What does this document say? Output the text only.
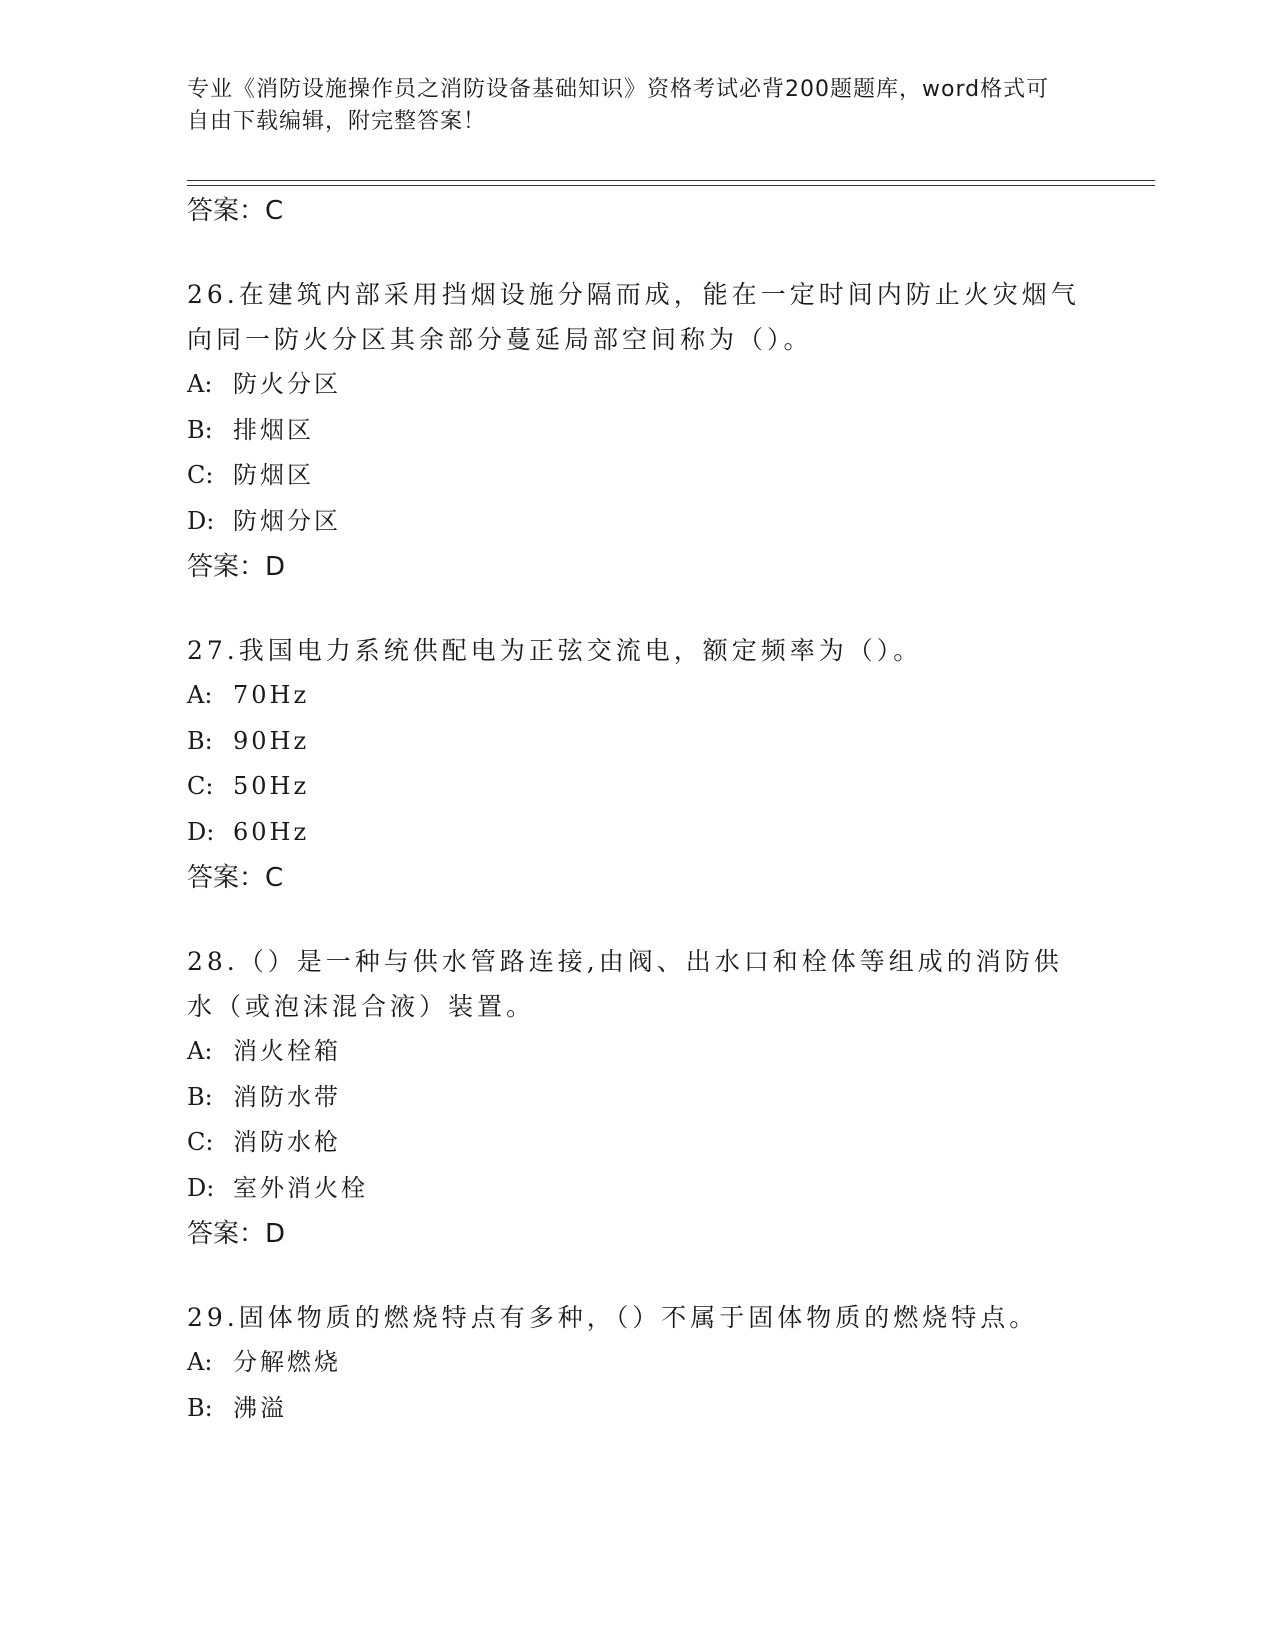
专业《消防设施操作员之消防设备基础知识》资格考试必背200题题库，word格式可自由下载编辑，附完整答案！

答案：C

26.在建筑内部采用挡烟设施分隔而成，能在一定时间内防止火灾烟气向同一防火分区其余部分蔓延局部空间称为（）。

A: 防火分区

B: 排烟区

C: 防烟区

D: 防烟分区

答案：D

27.我国电力系统供配电为正弦交流电，额定频率为（）。

A: 70Hz

B: 90Hz

C: 50Hz

D: 60Hz

答案：C

28.（）是一种与供水管路连接,由阀、出水口和栓体等组成的消防供水（或泡沫混合液）装置。

A: 消火栓箱

B: 消防水带

C: 消防水枪

D: 室外消火栓

答案：D

29.固体物质的燃烧特点有多种，（）不属于固体物质的燃烧特点。

A: 分解燃烧

B: 沸溢
